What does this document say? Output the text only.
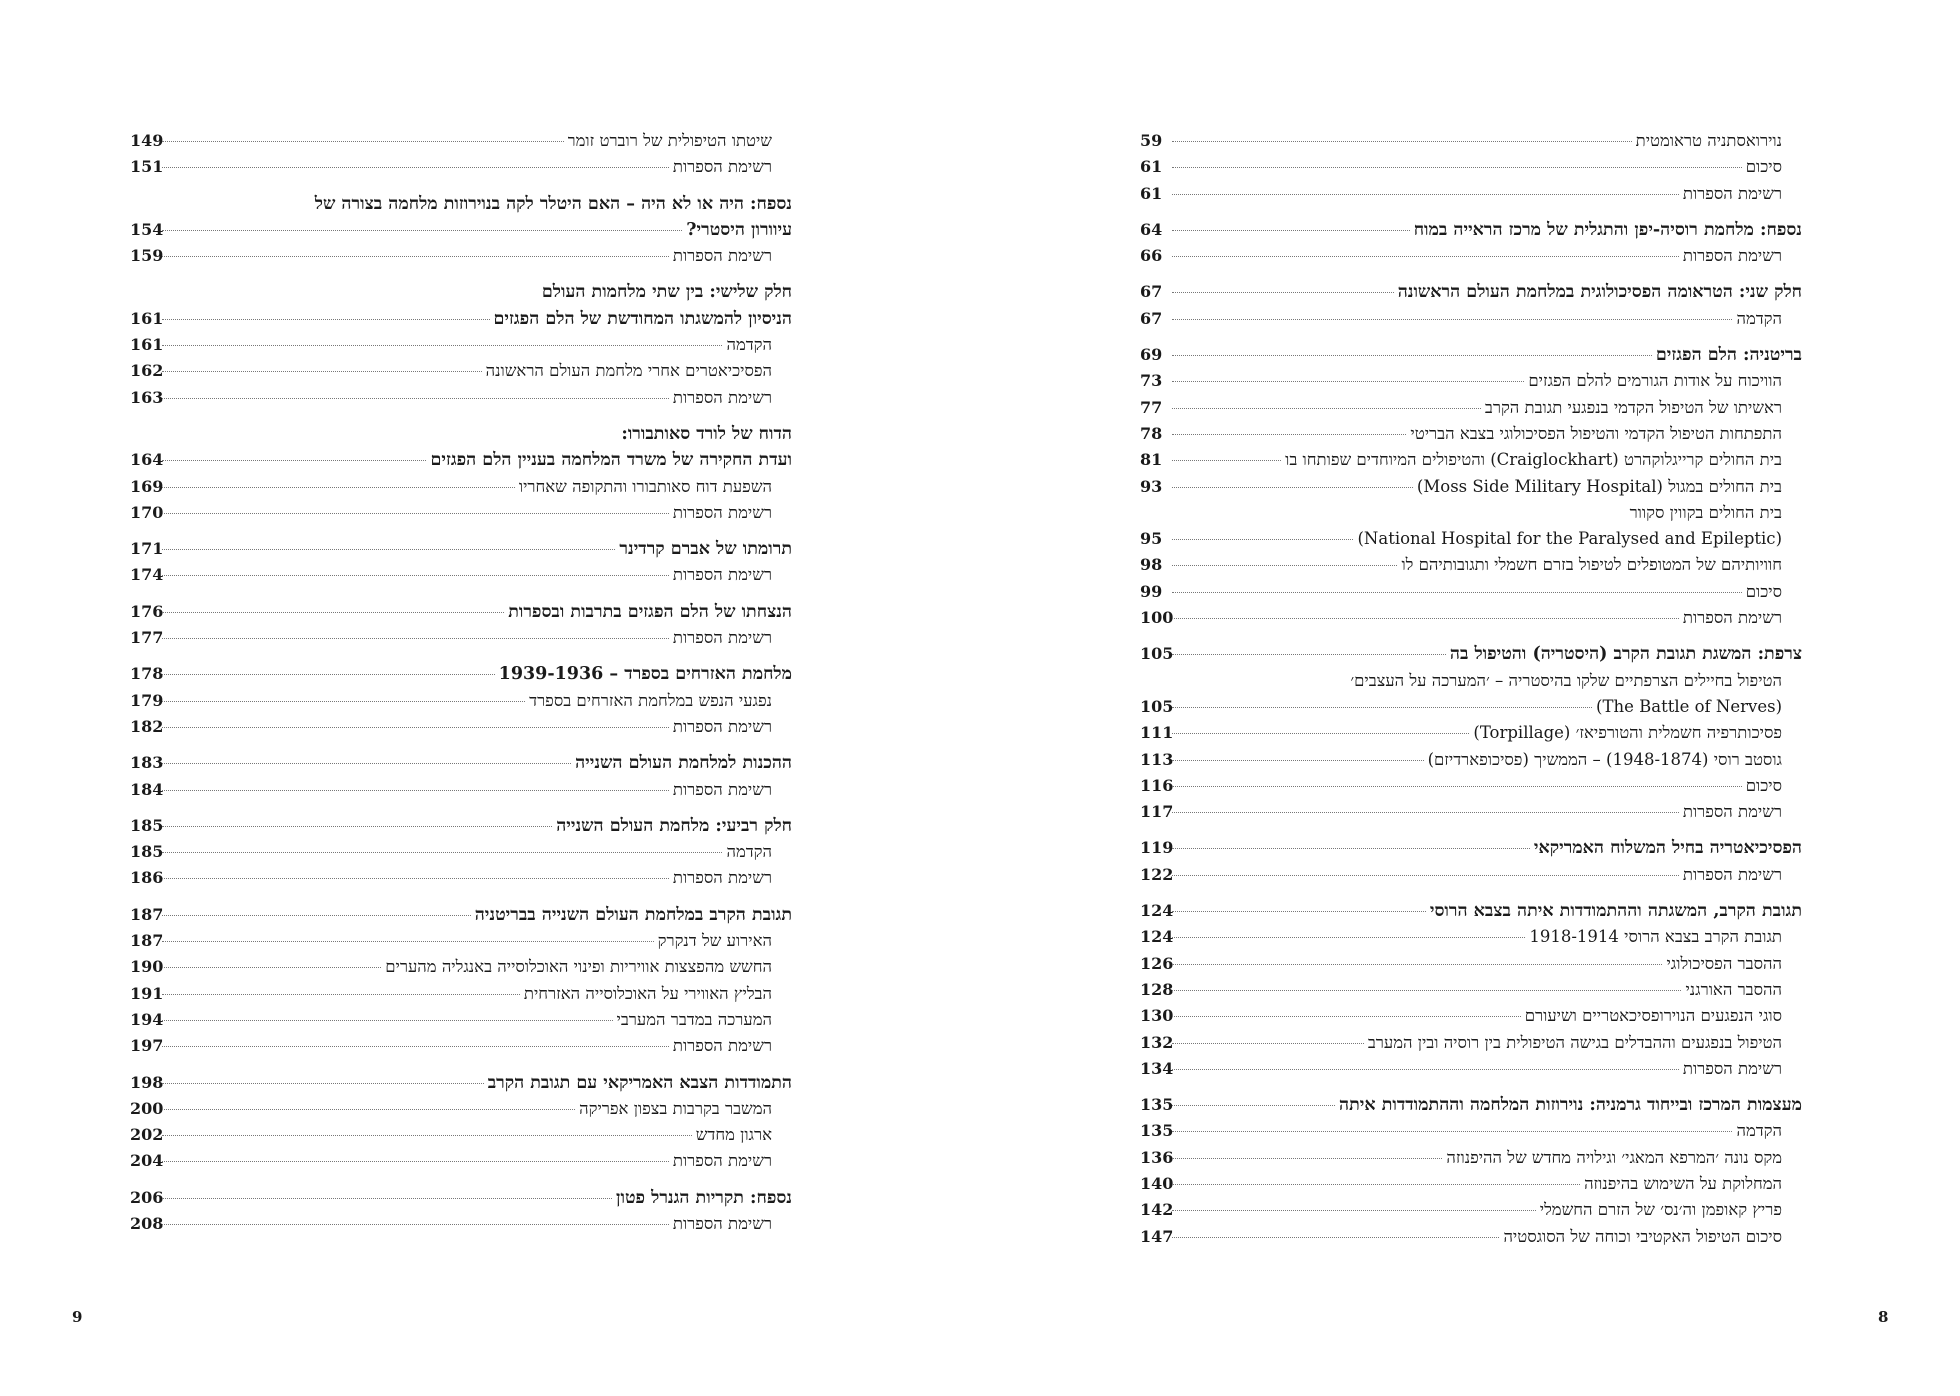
שיטתו הטיפולית של רוברט זומר
149
רשימת הספרות
151
נספח: היה או לא היה – האם היטלר לקה בנוירוזות מלחמה בצורה של
עיוורון היסטרי?
154
רשימת הספרות
159
חלק שלישי: בין שתי מלחמות העולם
הניסיון להמשגתו המחודשת של הלם הפגזים
161
הקדמה
161
הפסיכיאטרים אחרי מלחמת העולם הראשונה
162
רשימת הספרות
163
הדוח של לורד סאותבורו:
ועדת החקירה של משרד המלחמה בעניין הלם הפגזים
164
השפעת דוח סאותבורו והתקופה שאחריו
169
רשימת הספרות
170
תרומתו של אברם קרדינר
171
רשימת הספרות
174
הנצחתו של הלם הפגזים בתרבות ובספרות
176
רשימת הספרות
177
מלחמת האזרחים בספרד – 1939-1936
178
נפגעי הנפש במלחמת האזרחים בספרד
179
רשימת הספרות
182
ההכנות למלחמת העולם השנייה
183
רשימת הספרות
184
חלק רביעי: מלחמת העולם השנייה
185
הקדמה
185
רשימת הספרות
186
תגובת הקרב במלחמת העולם השנייה בבריטניה
187
האירוע של דנקרק
187
החשש מהפצצות אוויריות ופינוי האוכלוסייה באנגליה מהערים
190
הבליץ האווירי על האוכלוסייה האזרחית
191
המערכה במדבר המערבי
194
רשימת הספרות
197
התמודדות הצבא האמריקאי עם תגובת הקרב
198
המשבר בקרבות בצפון אפריקה
200
ארגון מחדש
202
רשימת הספרות
204
נספח: תקריות הגנרל פטון
206
רשימת הספרות
208
נוירואסתניה טראומטית
59
סיכום
61
רשימת הספרות
61
נספח: מלחמת רוסיה-יפן והתגלית של מרכז הראייה במוח
64
רשימת הספרות
66
חלק שני: הטראומה הפסיכולוגית במלחמת העולם הראשונה
67
הקדמה
67
בריטניה: הלם הפגזים
69
הוויכוח על אודות הגורמים להלם הפגזים
73
ראשיתו של הטיפול הקדמי בנפגעי תגובת הקרב
77
התפתחות הטיפול הקדמי והטיפול הפסיכולוגי בצבא הבריטי
78
בית החולים קרייגלוקהרט (Craiglockhart) והטיפולים המיוחדים שפותחו בו
81
בית החולים במגול (Moss Side Military Hospital)
93
בית החולים בקווין סקוור
(National Hospital for the Paralysed and Epileptic)
95
חוויותיהם של המטופלים לטיפול בזרם חשמלי ותגובותיהם לו
98
סיכום
99
רשימת הספרות
100
צרפת: המשגת תגובת הקרב (היסטריה) והטיפול בה
105
הטיפול בחיילים הצרפתיים שלקו בהיסטריה – ׳המערכה על העצבים׳
(The Battle of Nerves)
105
פסיכותרפיה חשמלית והטורפיאז׳ (Torpillage)
111
גוסטב רוסי (1948-1874) – הממשיך (פסיכופארדיזם)
113
סיכום
116
רשימת הספרות
117
הפסיכיאטריה בחיל המשלוח האמריקאי
119
רשימת הספרות
122
תגובת הקרב, המשגתה וההתמודדות איתה בצבא הרוסי
124
תגובת הקרב בצבא הרוסי 1918-1914
124
ההסבר הפסיכולוגי
126
ההסבר האורגני
128
סוגי הנפגעים הנוירופסיכאטריים ושיעורם
130
הטיפול בנפגעים וההבדלים בגישה הטיפולית בין רוסיה ובין המערב
132
רשימת הספרות
134
מעצמות המרכז ובייחוד גרמניה: נוירוזות המלחמה וההתמודדות איתה
135
הקדמה
135
מקס נונה ׳המרפא המאגי׳ וגילויה מחדש של ההיפנוזה
136
המחלוקת על השימוש בהיפנוזה
140
פריץ קאופמן וה׳נס׳ של הזרם החשמלי
142
סיכום הטיפול האקטיבי וכוחה של הסוגסטיה
147
9	8
